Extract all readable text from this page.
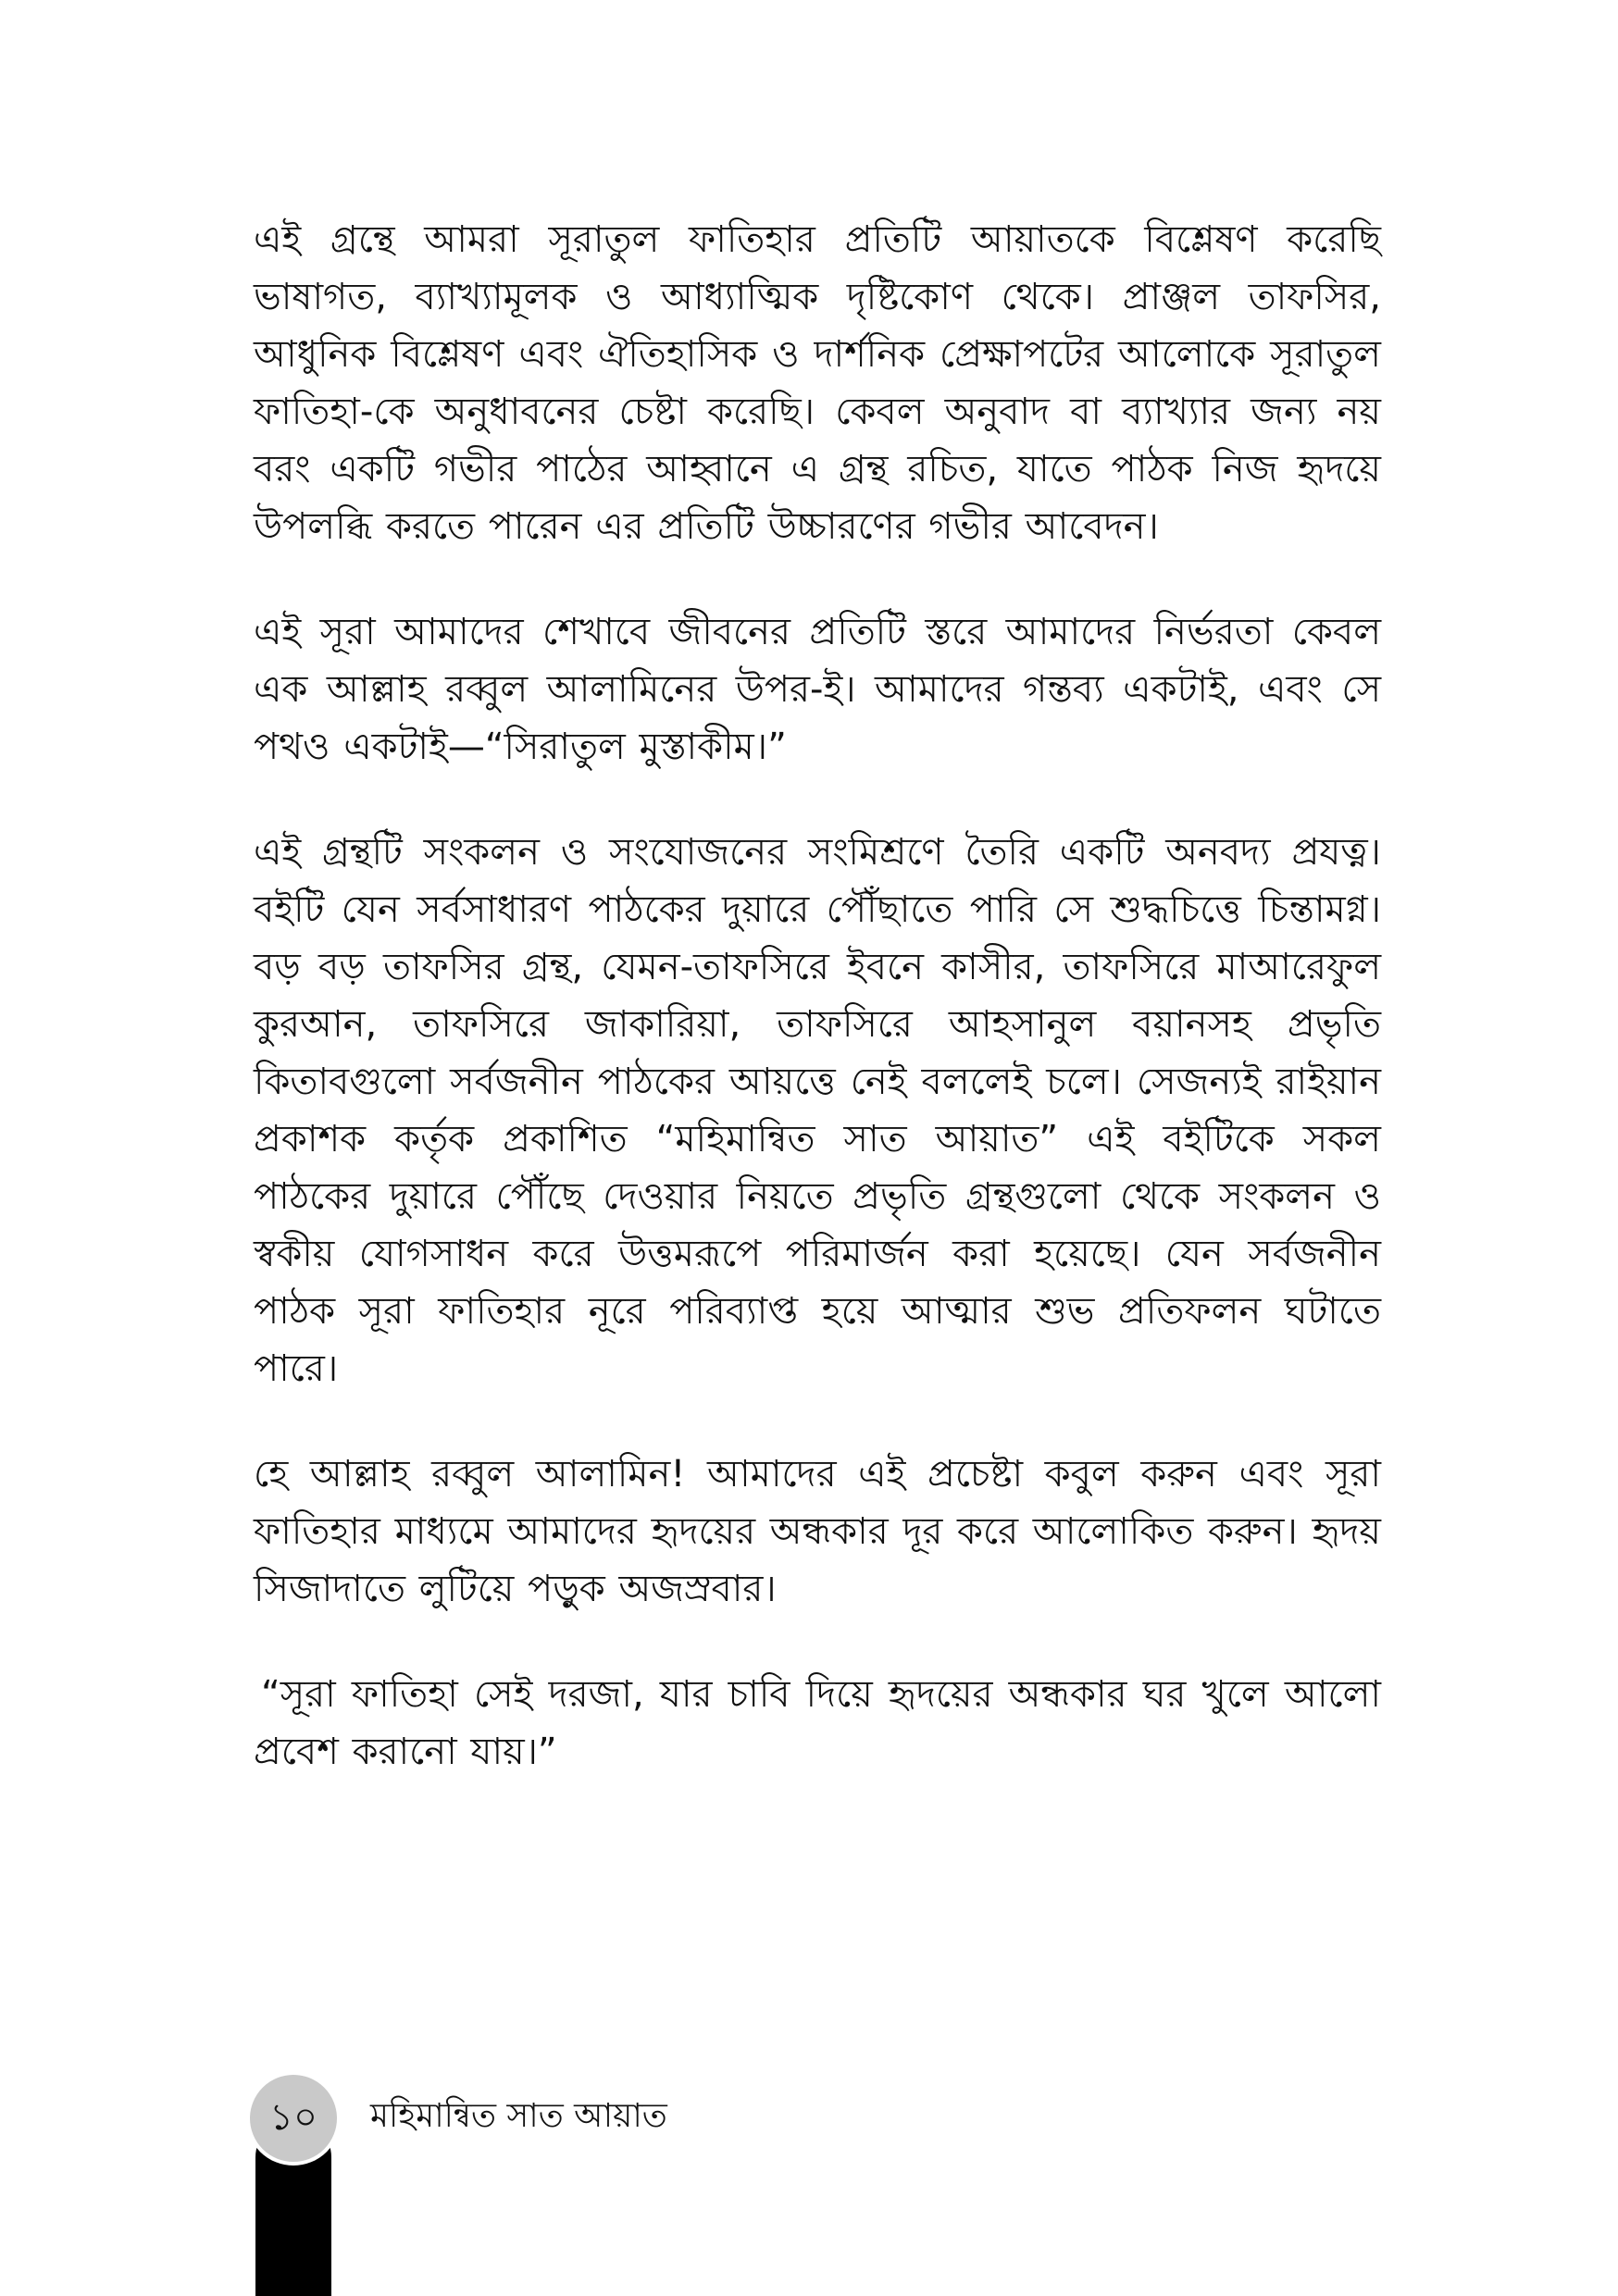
এই গ্রন্থে আমরা সূরাতুল ফাতিহার প্রতিটি আয়াতকে বিশ্লেষণ করেছি ভাষাগত, ব্যাখ্যামূলক ও আধ্যাত্মিক দৃষ্টিকোণ থেকে। প্রাঞ্জল তাফসির, আধুনিক বিশ্লেষণ এবং ঐতিহাসিক ও দার্শনিক প্রেক্ষাপটের আলোকে সূরাতুল ফাতিহা-কে অনুধাবনের চেষ্টা করেছি। কেবল অনুবাদ বা ব্যাখ্যার জন্য নয় বরং একটি গভীর পাঠের আহ্বানে এ গ্রন্থ রচিত, যাতে পাঠক নিজ হৃদয়ে উপলব্ধি করতে পারেন এর প্রতিটি উচ্চারণের গভীর আবেদন।

এই সূরা আমাদের শেখাবে জীবনের প্রতিটি স্তরে আমাদের নির্ভরতা কেবল এক আল্লাহ রব্বুল আলামিনের উপর-ই। আমাদের গন্তব্য একটাই, এবং সে পথও একটাই—“সিরাতুল মুস্তাকীম।”

এই গ্রন্থটি সংকলন ও সংযোজনের সংমিশ্রণে তৈরি একটি অনবদ্য প্রযত্ন। বইটি যেন সর্বসাধারণ পাঠকের দুয়ারে পৌঁছাতে পারি সে শুদ্ধচিত্তে চিন্তামগ্ন। বড় বড় তাফসির গ্রন্থ, যেমন-তাফসিরে ইবনে কাসীর, তাফসিরে মাআরেফুল কুরআন, তাফসিরে জাকারিয়া, তাফসিরে আহসানুল বয়ানসহ প্রভৃতি কিতাবগুলো সর্বজনীন পাঠকের আয়ত্তে নেই বললেই চলে। সেজন্যই রাইয়ান প্রকাশক কর্তৃক প্রকাশিত “মহিমান্বিত সাত আয়াত” এই বইটিকে সকল পাঠকের দুয়ারে পৌঁছে দেওয়ার নিয়তে প্রভৃতি গ্রন্থগুলো থেকে সংকলন ও স্বকীয় যোগসাধন করে উত্তমরূপে পরিমার্জন করা হয়েছে। যেন সর্বজনীন পাঠক সূরা ফাতিহার নূরে পরিব্যাপ্ত হয়ে আত্মার শুভ প্রতিফলন ঘটাতে পারে।

হে আল্লাহ রব্বুল আলামিন! আমাদের এই প্রচেষ্টা কবুল করুন এবং সূরা ফাতিহার মাধ্যমে আমাদের হৃদয়ের অন্ধকার দূর করে আলোকিত করুন। হৃদয় সিজাদাতে লুটিয়ে পড়ুক অজস্রবার।

“সূরা ফাতিহা সেই দরজা, যার চাবি দিয়ে হৃদয়ের অন্ধকার ঘর খুলে আলো প্রবেশ করানো যায়।”

১০ মহিমান্বিত সাত আয়াত
